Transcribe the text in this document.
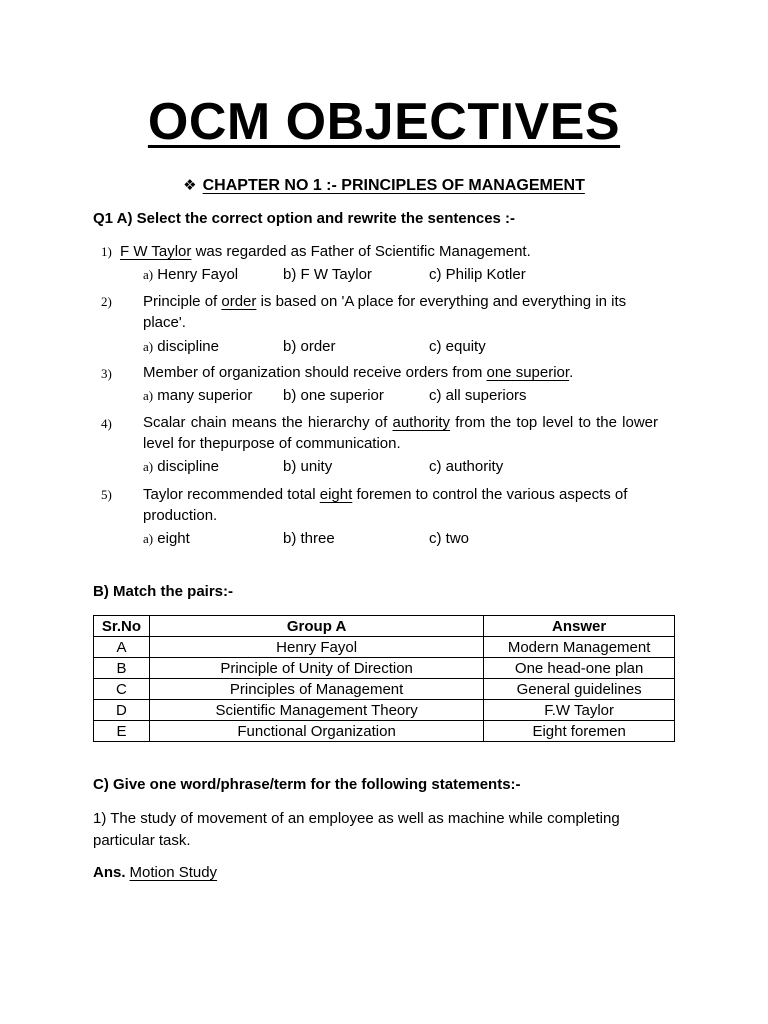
OCM OBJECTIVES
❖ CHAPTER NO 1 :- PRINCIPLES OF MANAGEMENT
Q1 A) Select the correct option and rewrite the sentences :-
1) F W Taylor was regarded as Father of Scientific Management.
a) Henry Fayol	b) F W Taylor	c) Philip Kotler
2)	Principle of order is based on 'A place for everything and everything in its place'.
a) discipline	b) order	c) equity
3)	Member of organization should receive orders from one superior.
a) many superior b) one superior	c) all superiors
4)	Scalar chain means the hierarchy of authority from the top level to the lower level for thepurpose of communication.
a) discipline	b) unity	c) authority
5)	Taylor recommended total eight foremen to control the various aspects of production.
a) eight	b) three	c) two
B) Match the pairs:-
Sr.No	Group A	Answer
A	Henry Fayol	Modern Management
B	Principle of Unity of Direction	One head-one plan
C	Principles of Management	General guidelines
D	Scientific Management Theory	F.W Taylor
E	Functional Organization	Eight foremen
C) Give one word/phrase/term for the following statements:-
1) The study of movement of an employee as well as machine while completing particular task.
Ans. Motion Study
